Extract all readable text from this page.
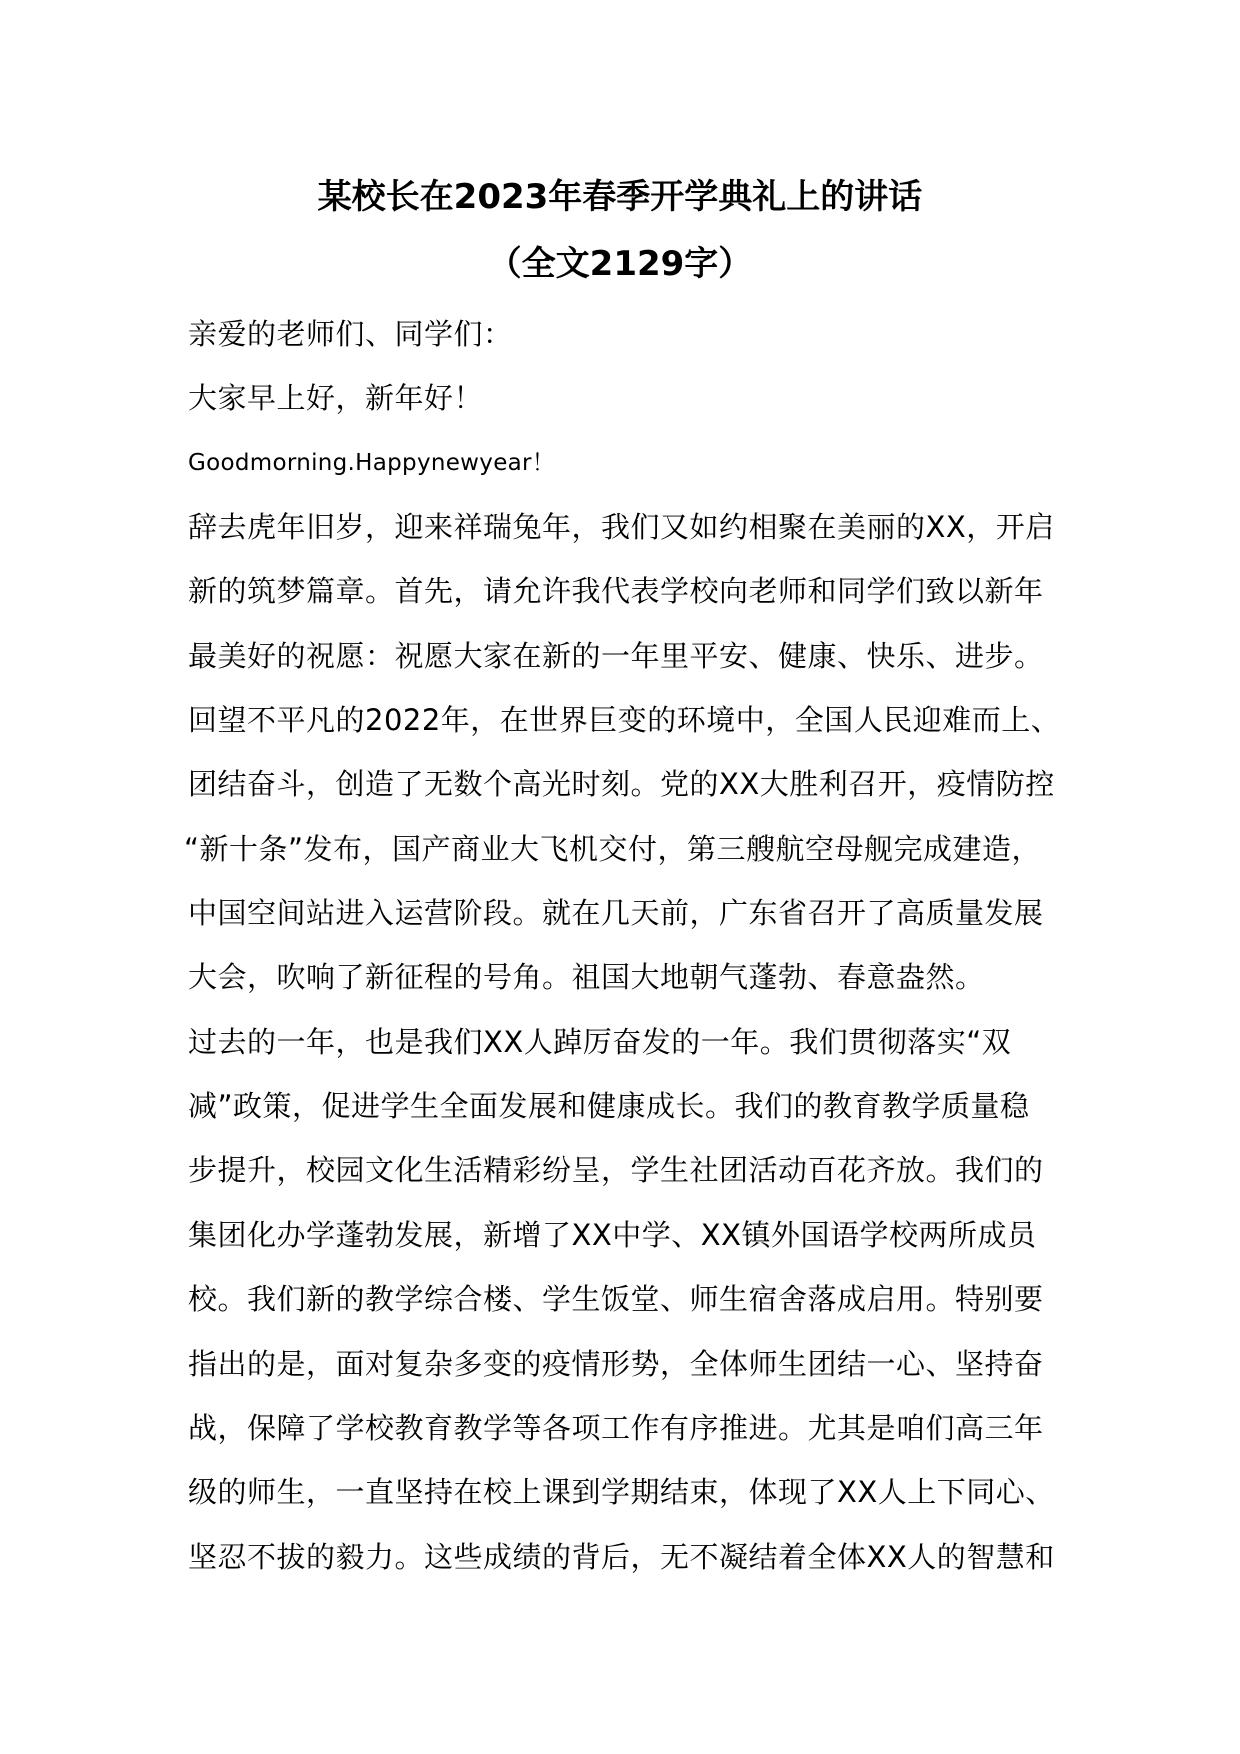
某校长在2023年春季开学典礼上的讲话
（全文2129字）
亲爱的老师们、同学们：
大家早上好，新年好！
Goodmorning.Happynewyear！
辞去虎年旧岁，迎来祥瑞兔年，我们又如约相聚在美丽的XX，开启
新的筑梦篇章。首先，请允许我代表学校向老师和同学们致以新年
最美好的祝愿：祝愿大家在新的一年里平安、健康、快乐、进步。
回望不平凡的2022年，在世界巨变的环境中，全国人民迎难而上、
团结奋斗，创造了无数个高光时刻。党的XX大胜利召开，疫情防控
“新十条”发布，国产商业大飞机交付，第三艘航空母舰完成建造，
中国空间站进入运营阶段。就在几天前，广东省召开了高质量发展
大会，吹响了新征程的号角。祖国大地朝气蓬勃、春意盎然。
过去的一年，也是我们XX人踔厉奋发的一年。我们贯彻落实“双
减”政策，促进学生全面发展和健康成长。我们的教育教学质量稳
步提升，校园文化生活精彩纷呈，学生社团活动百花齐放。我们的
集团化办学蓬勃发展，新增了XX中学、XX镇外国语学校两所成员
校。我们新的教学综合楼、学生饭堂、师生宿舍落成启用。特别要
指出的是，面对复杂多变的疫情形势，全体师生团结一心、坚持奋
战，保障了学校教育教学等各项工作有序推进。尤其是咱们高三年
级的师生，一直坚持在校上课到学期结束，体现了XX人上下同心、
坚忍不拔的毅力。这些成绩的背后，无不凝结着全体XX人的智慧和
